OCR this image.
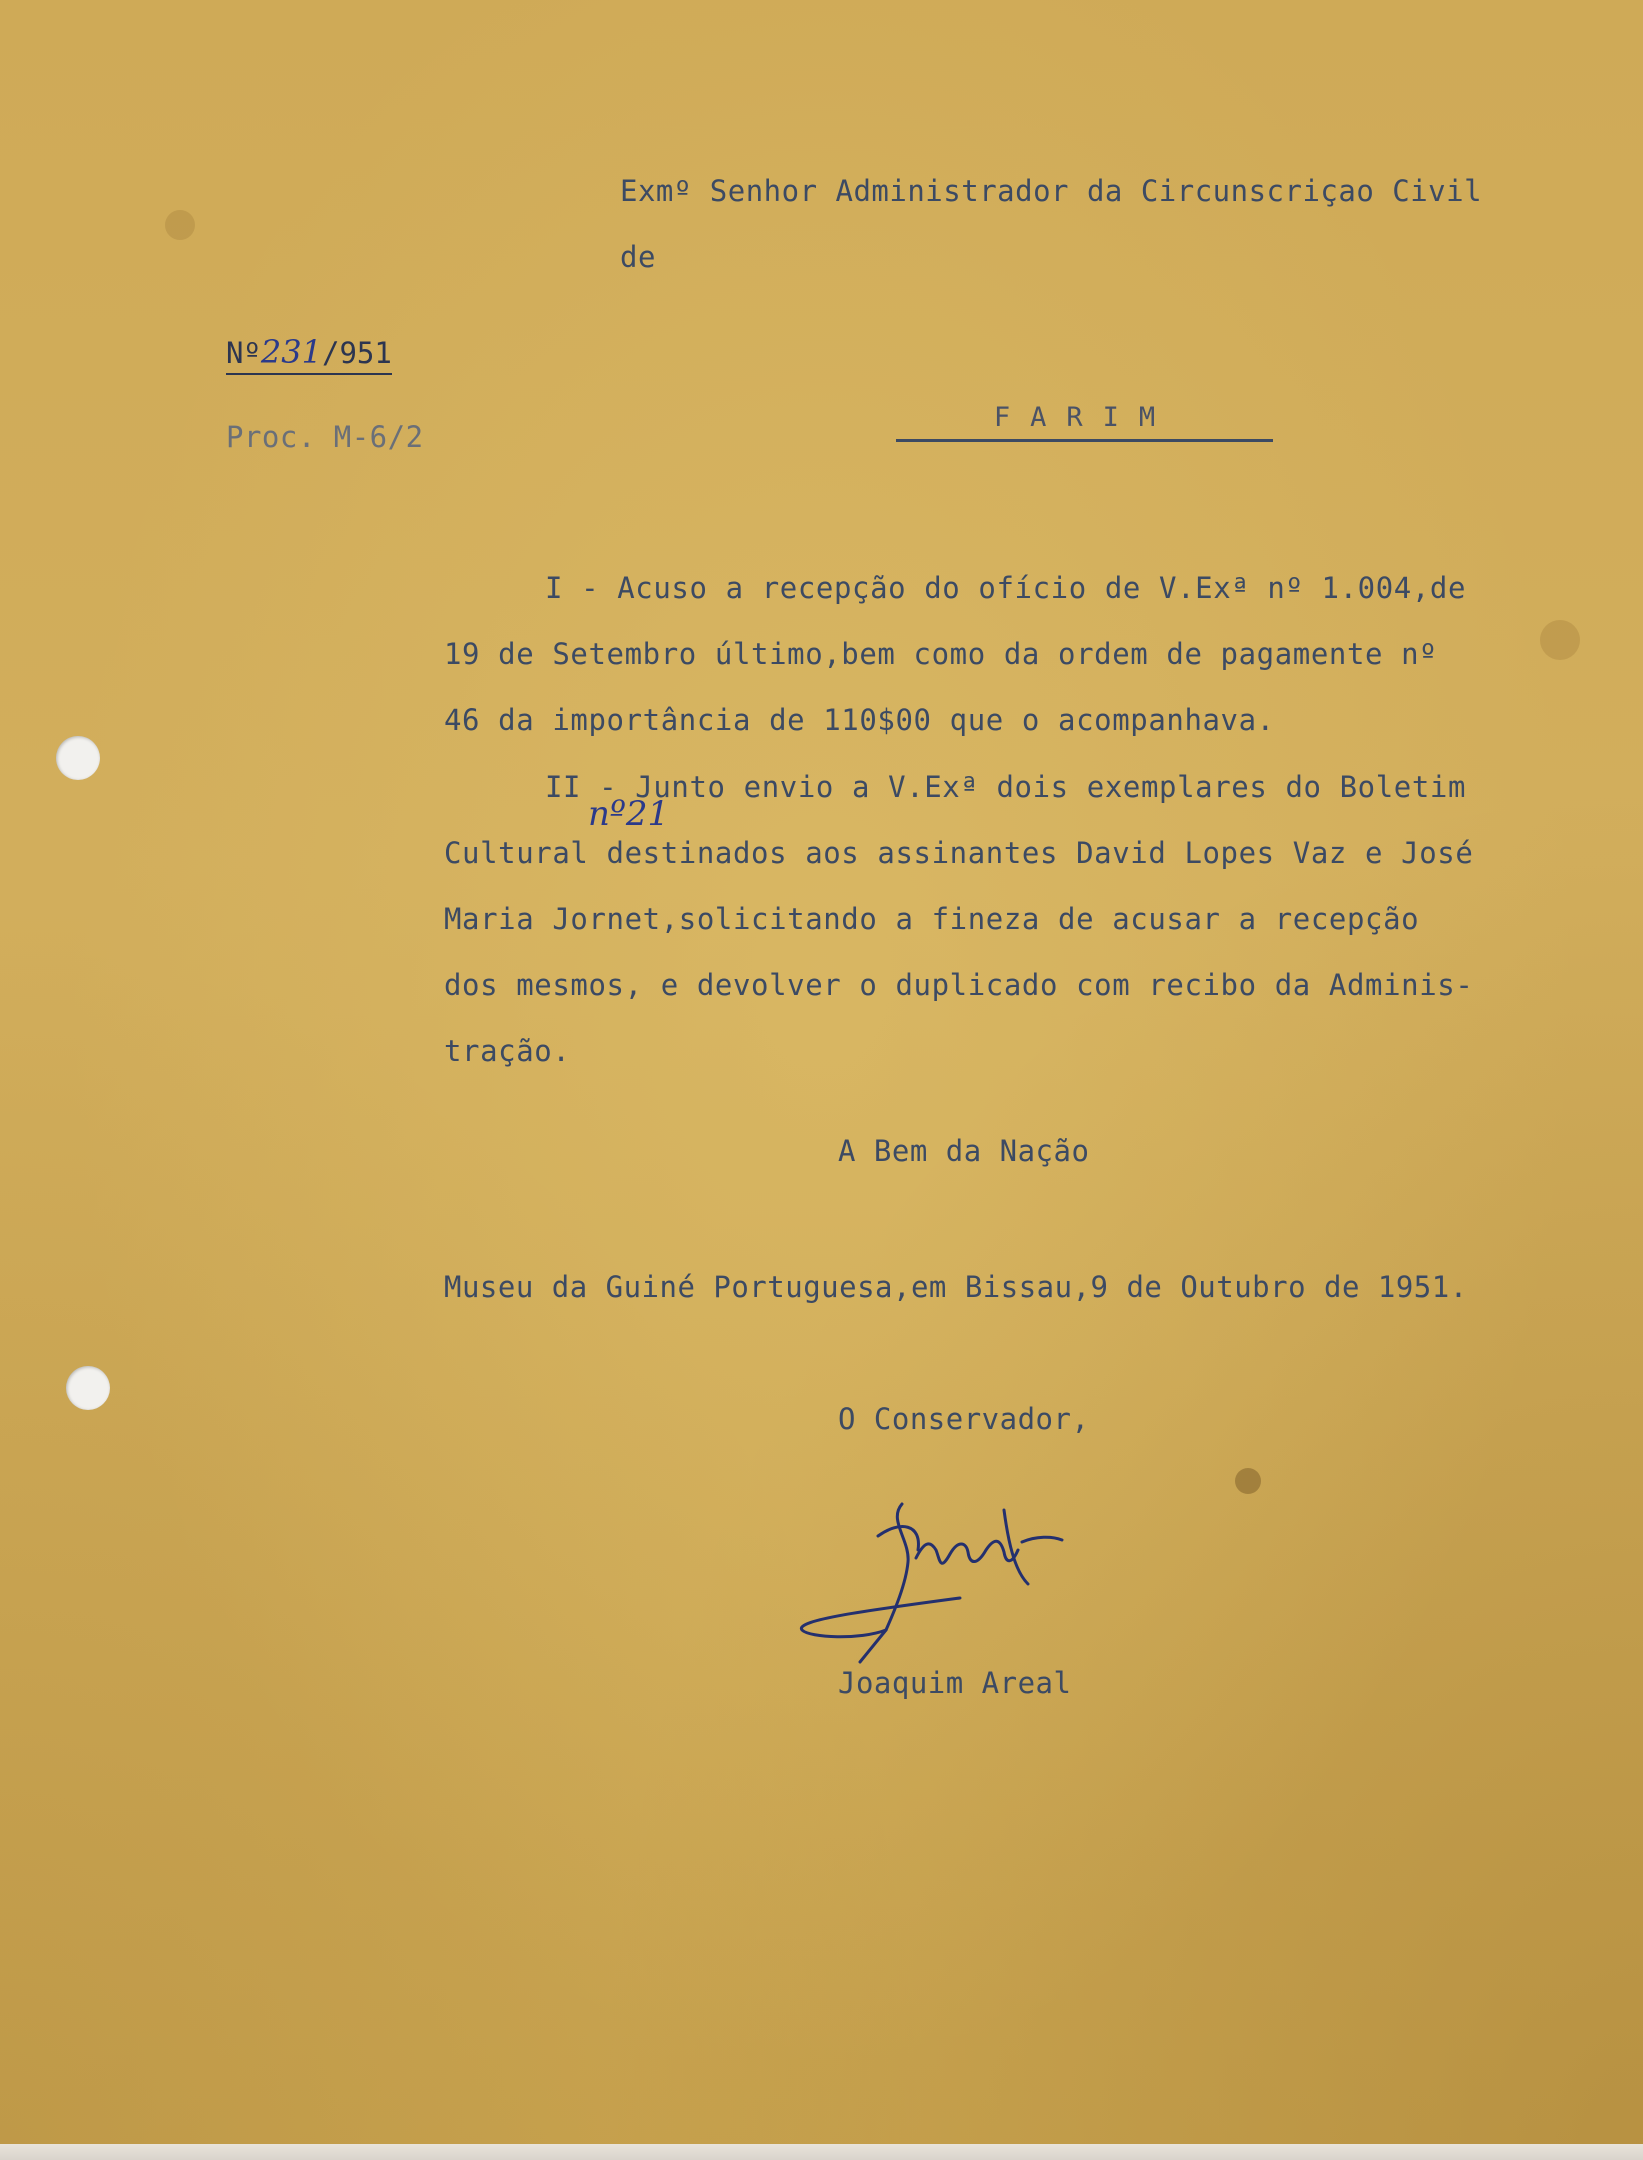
Exmº Senhor Administrador da Circunscriçao Civil
de
Nº231/951
Proc. M-6/2
FARIM
I - Acuso a recepção do ofício de V.Exª nº 1.004,de
19 de Setembro último,bem como da ordem de pagamente nº
46 da importância de 110$00 que o acompanhava.
II - Junto envio a V.Exª dois exemplares do Boletim
nº21
Cultural destinados aos assinantes David Lopes Vaz e José
Maria Jornet,solicitando a fineza de acusar a recepção
dos mesmos, e devolver o duplicado com recibo da Adminis-
tração.
A Bem da Nação
Museu da Guiné Portuguesa,em Bissau,9 de Outubro de 1951.
O Conservador,
Joaquim Areal
